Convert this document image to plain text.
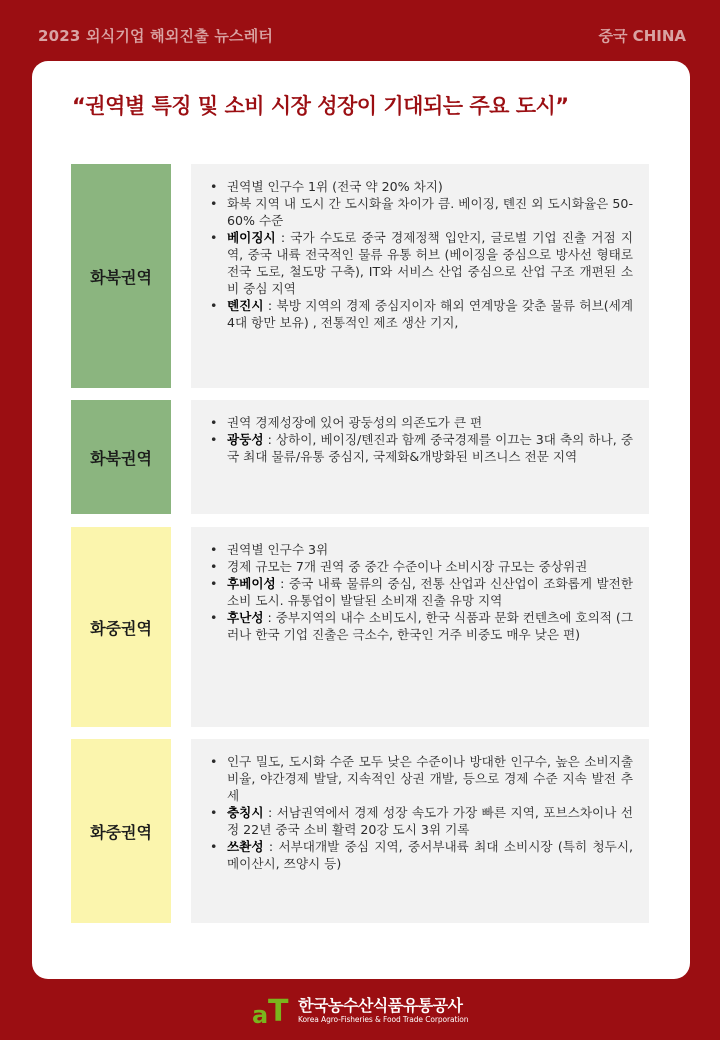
2023 외식기업 해외진출 뉴스레터	중국 CHINA
“권역별 특징 및 소비 시장 성장이 기대되는 주요 도시”
화북권역
• 권역별 인구수 1위 (전국 약 20% 차지)
• 화북 지역 내 도시 간 도시화율 차이가 큼. 베이징, 톈진 외 도시화율은 50-60% 수준
• 베이징시 : 국가 수도로 중국 경제정책 입안지, 글로벌 기업 진출 거점 지역, 중국 내륙 전국적인 물류 유통 허브 (베이징을 중심으로 방사선 형태로 전국 도로, 철도망 구축), IT와 서비스 산업 중심으로 산업 구조 개편된 소비 중심 지역
• 톈진시 : 북방 지역의 경제 중심지이자 해외 연계망을 갖춘 물류 허브(세계 4대 항만 보유) , 전통적인 제조 생산 기지,
화북권역
• 권역 경제성장에 있어 광둥성의 의존도가 큰 편
• 광둥성 : 상하이, 베이징/톈진과 함께 중국경제를 이끄는 3대 축의 하나, 중국 최대 물류/유통 중심지, 국제화&개방화된 비즈니스 전문 지역
화중권역
• 권역별 인구수 3위
• 경제 규모는 7개 권역 중 중간 수준이나 소비시장 규모는 중상위권
• 후베이성 : 중국 내륙 물류의 중심, 전통 산업과 신산업이 조화롭게 발전한 소비 도시. 유통업이 발달된 소비재 진출 유망 지역
• 후난성 : 중부지역의 내수 소비도시, 한국 식품과 문화 컨텐츠에 호의적 (그러나 한국 기업 진출은 극소수, 한국인 거주 비중도 매우 낮은 편)
화중권역
• 인구 밀도, 도시화 수준 모두 낮은 수준이나 방대한 인구수, 높은 소비지출 비율, 야간경제 발달, 지속적인 상권 개발, 등으로 경제 수준 지속 발전 추세
• 충칭시 : 서남권역에서 경제 성장 속도가 가장 빠른 지역, 포브스차이나 선정 22년 중국 소비 활력 20강 도시 3위 기록
• 쓰촨성 : 서부대개발 중심 지역, 중서부내륙 최대 소비시장 (특히 청두시, 메이산시, 쯔양시 등)
a T 한국농수산식품유통공사
Korea Agro-Fisheries & Food Trade Corporation
